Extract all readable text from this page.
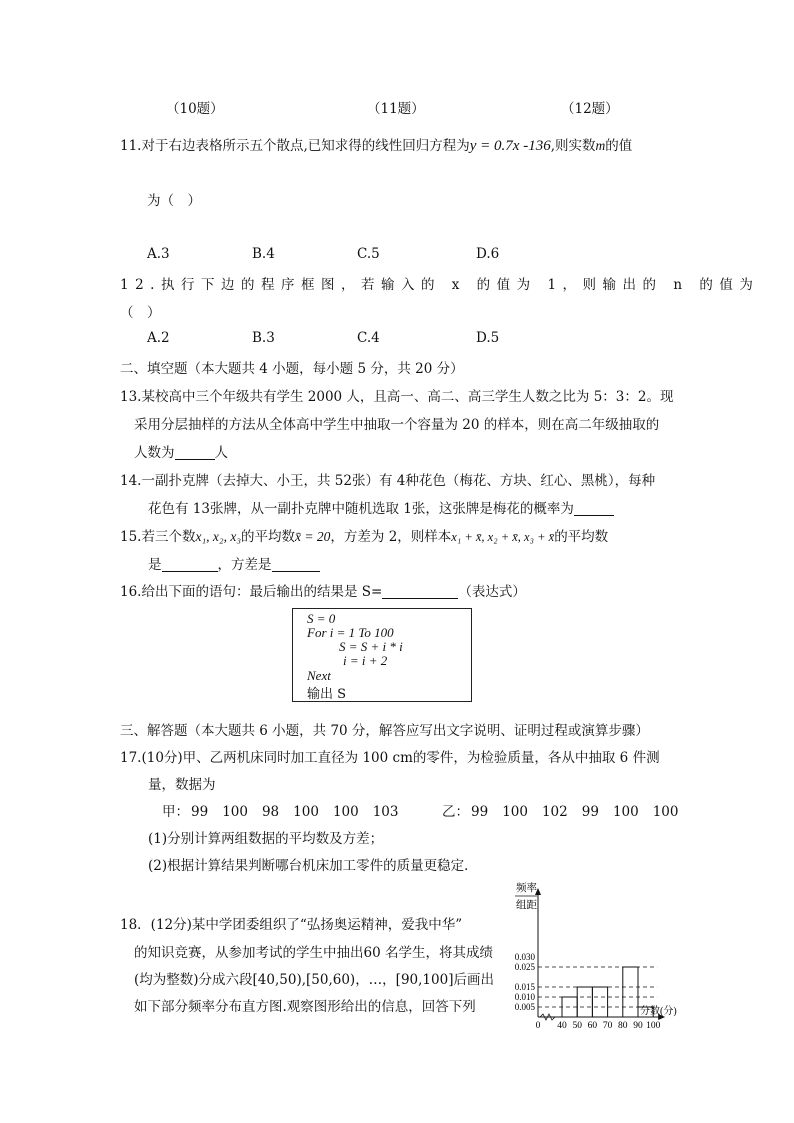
（10题）	（11题）	（12题）
11.对于右边表格所示五个散点,已知求得的线性回归方程为y = 0.7x -136,则实数m的值
为（　）
A.3	B.4	C.5	D.6
12.执行下边的程序框图，若输入的 x 的值为 1，则输出的 n 的值为
（　）
A.2	B.3	C.4	D.5
二、填空题（本大题共 4 小题，每小题 5 分，共 20 分）
13.某校高中三个年级共有学生 2000 人，且高一、高二、高三学生人数之比为 5：3：2。现
采用分层抽样的方法从全体高中学生中抽取一个容量为 20 的样本，则在高二年级抽取的
人数为	人
14.一副扑克牌（去掉大、小王，共 52张）有 4种花色（梅花、方块、红心、黑桃），每种
花色有 13张牌，从一副扑克牌中随机选取 1张，这张牌是梅花的概率为
15.若三个数x₁, x₂, x₃的平均数x̄ = 20，方差为 2，则样本x₁ + x̄, x₂ + x̄, x₃ + x̄的平均数
是	，方差是
16.给出下面的语句：最后输出的结果是 S=	（表达式）
S = 0
For i = 1 To 100
S = S + i * i
i = i + 2
Next
输出 S
三、解答题（本大题共 6 小题，共 70 分，解答应写出文字说明、证明过程或演算步骤）
17.(10分)甲、乙两机床同时加工直径为 100 cm的零件，为检验质量，各从中抽取 6 件测
量，数据为
甲： 99 100 98 100 100 103	乙： 99 100 102 99 100 100
(1)分别计算两组数据的平均数及方差；
(2)根据计算结果判断哪台机床加工零件的质量更稳定．
18．(12分)某中学团委组织了“弘扬奥运精神，爱我中华”
的知识竞赛，从参加考试的学生中抽出60 名学生，将其成绩
(均为整数)分成六段[40,50),[50,60)，…，[90,100]后画出
如下部分频率分布直方图.观察图形给出的信息，回答下列	0.005
0.010
0.015
0.025
0.030
0 40 50 60 70 80 90 100
频率
组距
分数(分)
